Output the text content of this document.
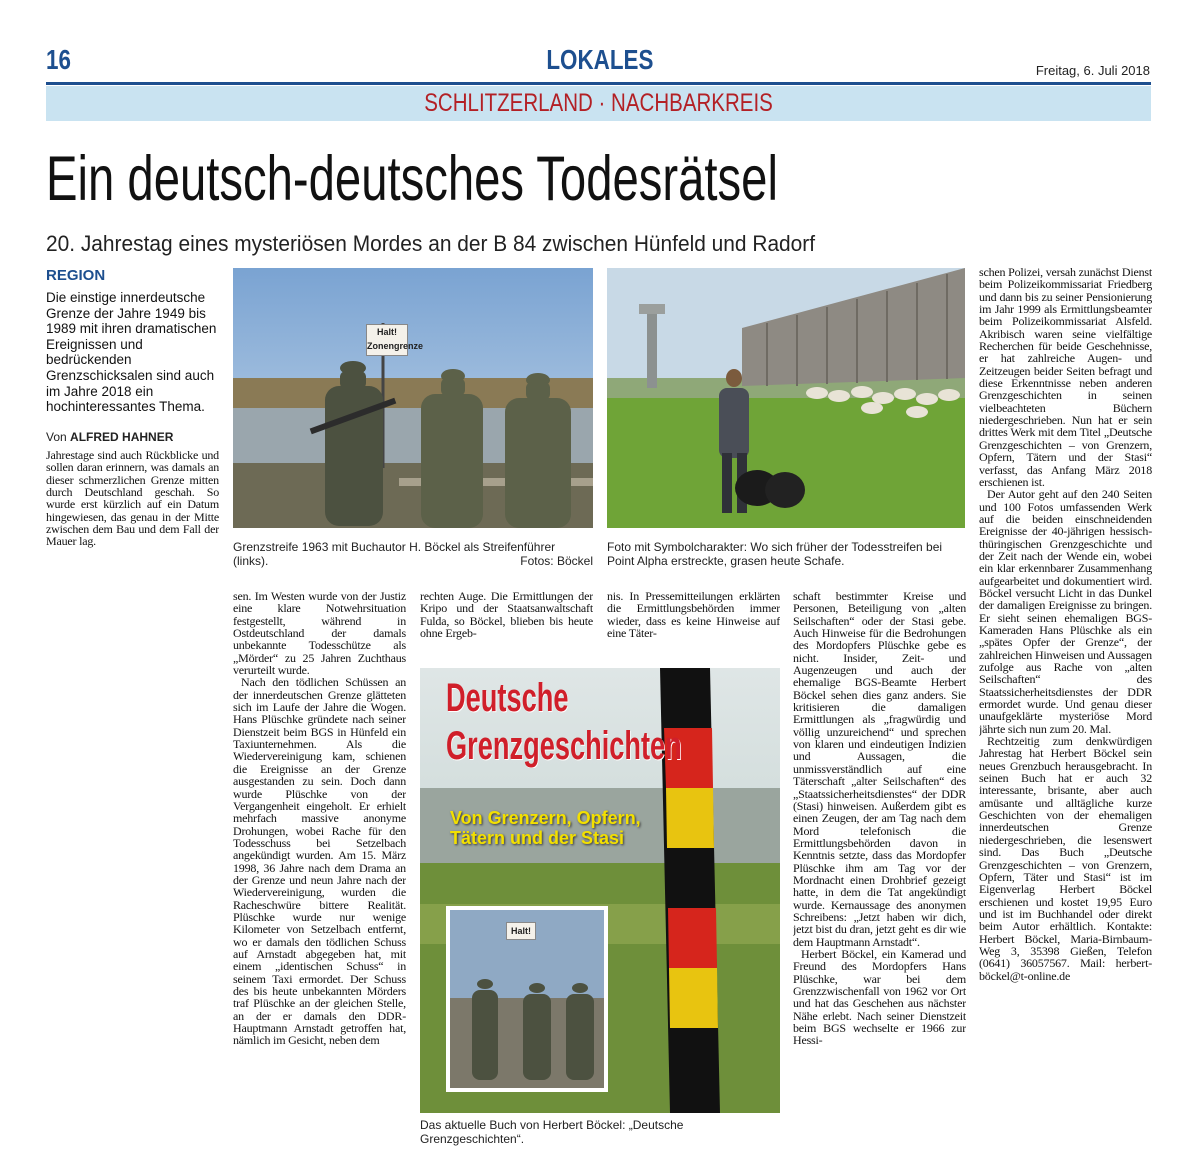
16	LOKALES	Freitag, 6. Juli 2018
SCHLITZERLAND · NACHBARKREIS
Ein deutsch-deutsches Todesrätsel
20. Jahrestag eines mysteriösen Mordes an der B 84 zwischen Hünfeld und Radorf
REGION
Die einstige innerdeutsche Grenze der Jahre 1949 bis 1989 mit ihren dramatischen Ereignissen und bedrückenden Grenzschicksalen sind auch im Jahre 2018 ein hochinteressantes Thema.
Von ALFRED HAHNER

Jahrestage sind auch Rückblicke und sollen daran erinnern, was damals an dieser schmerzlichen Grenze mitten durch Deutschland geschah. So wurde erst kürzlich auf ein Datum hingewiesen, das genau in der Mitte zwischen dem Bau und dem Fall der Mauer lag.

sen. Im Westen wurde von der Justiz eine klare Notwehrsituation festgestellt, während in Ostdeutschland der damals unbekannte Todesschütze als „Mörder“ zu 25 Jahren Zuchthaus verurteilt wurde.

Nach den tödlichen Schüssen an der innerdeutschen Grenze glätteten sich im Laufe der Jahre die Wogen. Hans Plüschke gründete nach seiner Dienstzeit beim BGS in Hünfeld ein Taxiunternehmen. Als die Wiedervereinigung kam, schienen die Ereignisse an der Grenze ausgestanden zu sein. Doch dann wurde Plüschke von der Vergangenheit eingeholt. Er erhielt mehrfach massive anonyme Drohungen, wobei Rache für den Todesschuss bei Setzelbach angekündigt wurden. Am 15. März 1998, 36 Jahre nach dem Drama an der Grenze und neun Jahre nach der Wiedervereinigung, wurden die Racheschwüre bittere Realität. Plüschke wurde nur wenige Kilometer von Setzelbach entfernt, wo er damals den tödlichen Schuss auf Arnstadt abgegeben hat, mit einem „identischen Schuss“ in seinem Taxi ermordet. Der Schuss des bis heute unbekannten Mörders traf Plüschke an der gleichen Stelle, an der er damals den DDR-Hauptmann Arnstadt getroffen hat, nämlich im Gesicht, neben dem

rechten Auge. Die Ermittlungen der Kripo und der Staatsanwaltschaft Fulda, so Böckel, blieben bis heute ohne Ergeb-

nis. In Pressemitteilungen erklärten die Ermittlungsbehörden immer wieder, dass es keine Hinweise auf eine Täter-

schaft bestimmter Kreise und Personen, Beteiligung von „alten Seilschaften“ oder der Stasi gebe. Auch Hinweise für die Bedrohungen des Mordopfers Plüschke gebe es nicht. Insider, Zeit- und Augenzeugen und auch der ehemalige BGS-Beamte Herbert Böckel sehen dies ganz anders. Sie kritisieren die damaligen Ermittlungen als „fragwürdig und völlig unzureichend“ und sprechen von klaren und eindeutigen Indizien und Aussagen, die unmissverständlich auf eine Täterschaft „alter Seilschaften“ des „Staatssicherheitsdienstes“ der DDR (Stasi) hinweisen. Außerdem gibt es einen Zeugen, der am Tag nach dem Mord telefonisch die Ermittlungsbehörden davon in Kenntnis setzte, dass das Mordopfer Plüschke ihm am Tag vor der Mordnacht einen Drohbrief gezeigt hatte, in dem die Tat angekündigt wurde. Kernaussage des anonymen Schreibens: „Jetzt haben wir dich, jetzt bist du dran, jetzt geht es dir wie dem Hauptmann Arnstadt“.

Herbert Böckel, ein Kamerad und Freund des Mordopfers Hans Plüschke, war bei dem Grenzzwischenfall von 1962 vor Ort und hat das Geschehen aus nächster Nähe erlebt. Nach seiner Dienstzeit beim BGS wechselte er 1966 zur Hessi-

schen Polizei, versah zunächst Dienst beim Polizeikommissariat Friedberg und dann bis zu seiner Pensionierung im Jahr 1999 als Ermittlungsbeamter beim Polizeikommissariat Alsfeld. Akribisch waren seine vielfältige Recherchen für beide Geschehnisse, er hat zahlreiche Augen- und Zeitzeugen beider Seiten befragt und diese Erkenntnisse neben anderen Grenzgeschichten in seinen vielbeachteten Büchern niedergeschrieben. Nun hat er sein drittes Werk mit dem Titel „Deutsche Grenzgeschichten – von Grenzern, Opfern, Tätern und der Stasi“ verfasst, das Anfang März 2018 erschienen ist.

Der Autor geht auf den 240 Seiten und 100 Fotos umfassenden Werk auf die beiden einschneidenden Ereignisse der 40-jährigen hessisch-thüringischen Grenzgeschichte und der Zeit nach der Wende ein, wobei ein klar erkennbarer Zusammenhang aufgearbeitet und dokumentiert wird. Böckel versucht Licht in das Dunkel der damaligen Ereignisse zu bringen. Er sieht seinen ehemaligen BGS-Kameraden Hans Plüschke als ein „spätes Opfer der Grenze“, der zahlreichen Hinweisen und Aussagen zufolge aus Rache von „alten Seilschaften“ des Staatssicherheitsdienstes der DDR ermordet wurde. Und genau dieser unaufgeklärte mysteriöse Mord jährte sich nun zum 20. Mal.

Rechtzeitig zum denkwürdigen Jahrestag hat Herbert Böckel sein neues Grenzbuch herausgebracht. In seinen Buch hat er auch 32 interessante, brisante, aber auch amüsante und alltägliche kurze Geschichten von der ehemaligen innerdeutschen Grenze niedergeschrieben, die lesenswert sind. Das Buch „Deutsche Grenzgeschichten – von Grenzern, Opfern, Täter und Stasi“ ist im Eigenverlag Herbert Böckel erschienen und kostet 19,95 Euro und ist im Buchhandel oder direkt beim Autor erhältlich. Kontakte: Herbert Böckel, Maria-Birnbaum-Weg 3, 35398 Gießen, Telefon (0641) 36057567. Mail: herbert-böckel@t-online.de

Halt! Zonengrenze
Grenzstreife 1963 mit Buchautor H. Böckel als Streifenführer (links).	Fotos: Böckel
Foto mit Symbolcharakter: Wo sich früher der Todesstreifen bei Point Alpha erstreckte, grasen heute Schafe.
Deutsche
Grenzgeschichten
Von Grenzern, Opfern,
Tätern und der Stasi
Halt!
Das aktuelle Buch von Herbert Böckel: „Deutsche Grenzgeschichten“.
